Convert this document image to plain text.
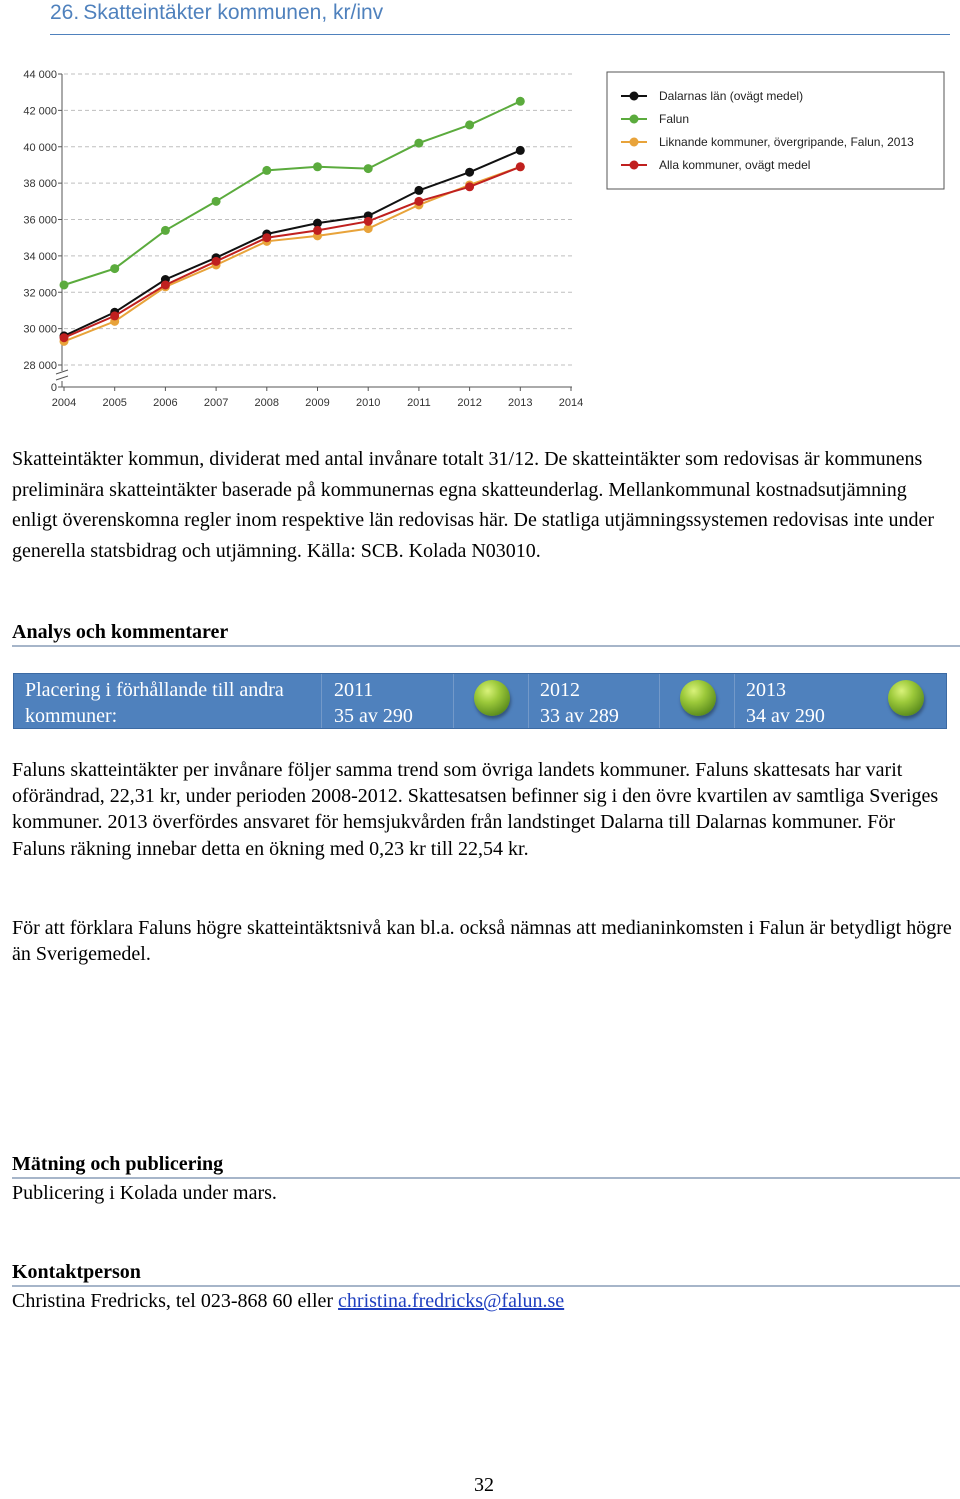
26. Skatteintäkter kommunen, kr/inv
44 000
42 000
40 000
38 000
36 000
34 000
32 000
30 000
28 000
0
2004 2005 2006 2007 2008 2009 2010 2011 2012 2013 2014
Dalarnas län (ovägt medel)
Falun
Liknande kommuner, övergripande, Falun, 2013
Alla kommuner, ovägt medel

Skatteintäkter kommun, dividerat med antal invånare totalt 31/12. De skatteintäkter som redovisas är kommunens preliminära skatteintäkter baserade på kommunernas egna skatteunderlag. Mellankommunal kostnadsutjämning enligt överenskomna regler inom respektive län redovisas här. De statliga utjämningssystemen redovisas inte under generella statsbidrag och utjämning. Källa: SCB. Kolada N03010.

Analys och kommentarer
Placering i förhållande till andra kommuner:
2011
35 av 290
2012
33 av 289
2013
34 av 290

Faluns skatteintäkter per invånare följer samma trend som övriga landets kommuner. Faluns skattesats har varit oförändrad, 22,31 kr, under perioden 2008-2012. Skattesatsen befinner sig i den övre kvartilen av samtliga Sveriges kommuner. 2013 överfördes ansvaret för hemsjukvården från landstinget Dalarna till Dalarnas kommuner. För Faluns räkning innebar detta en ökning med 0,23 kr till 22,54 kr.

För att förklara Faluns högre skatteintäktsnivå kan bl.a. också nämnas att medianinkomsten i Falun är betydligt högre än Sverigemedel.

Mätning och publicering
Publicering i Kolada under mars.
Kontaktperson
Christina Fredricks, tel 023-868 60 eller christina.fredricks@falun.se
32
